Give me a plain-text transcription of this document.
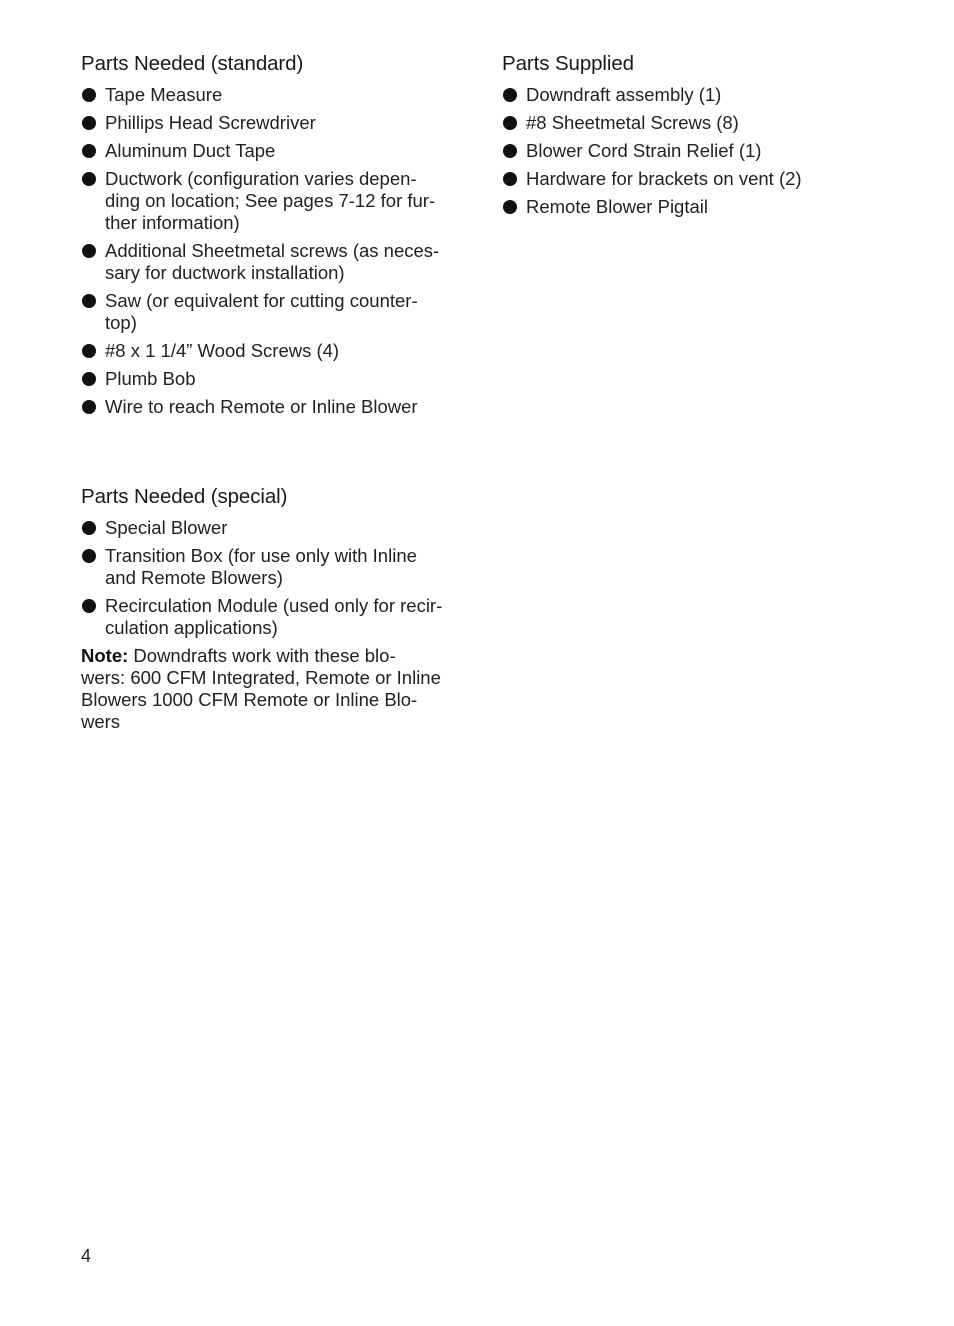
Parts Needed (standard)
Tape Measure
Phillips Head Screwdriver
Aluminum Duct Tape
Ductwork (configuration varies depen-
ding on location; See pages 7-12 for fur-
ther information)
Additional Sheetmetal screws (as neces-
sary for ductwork installation)
Saw (or equivalent for cutting counter-
top)
#8 x 1 1/4” Wood Screws (4)
Plumb Bob
Wire to reach Remote or Inline Blower
Parts Needed (special)
Special Blower
Transition Box (for use only with Inline
and Remote Blowers)
Recirculation Module (used only for recir-
culation applications)
Note: Downdrafts work with these blo-
wers: 600 CFM Integrated, Remote or Inline
Blowers 1000 CFM Remote or Inline Blo-
wers
Parts Supplied
Downdraft assembly (1)
#8 Sheetmetal Screws (8)
Blower Cord Strain Relief (1)
Hardware for brackets on vent (2)
Remote Blower Pigtail
4
